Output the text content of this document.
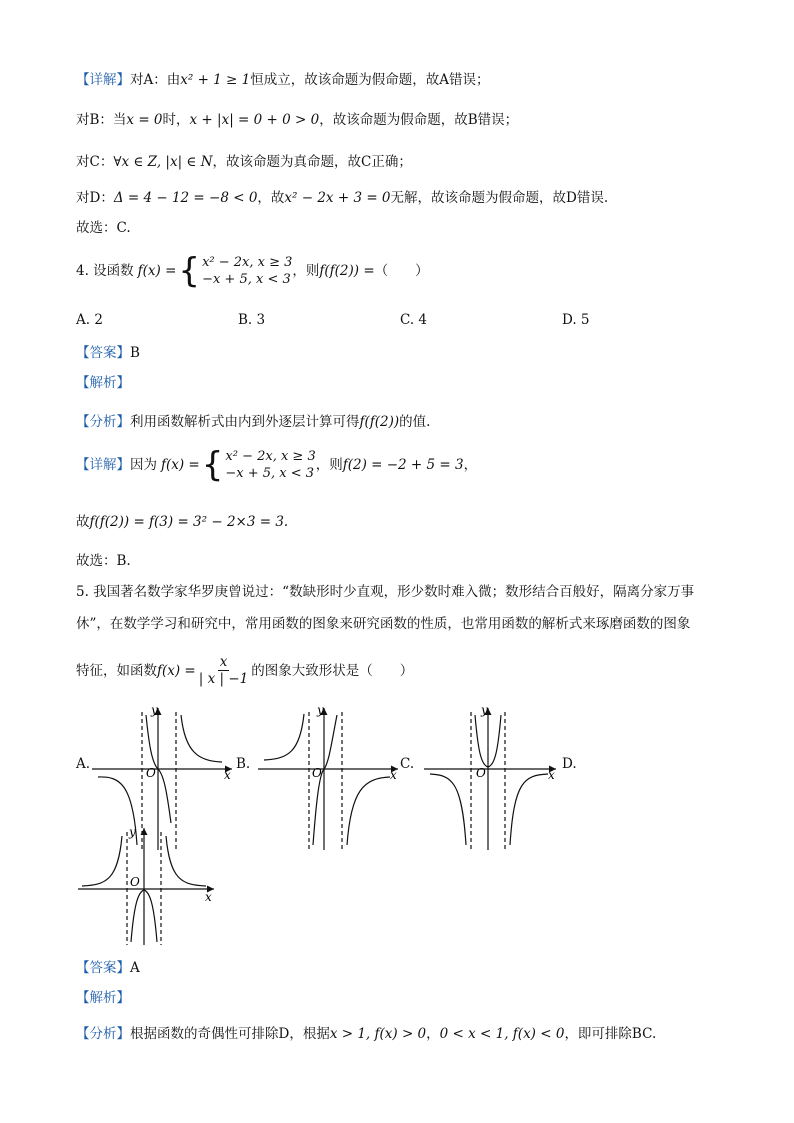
【详解】对A：由x² + 1 ≥ 1恒成立，故该命题为假命题，故A错误；
对B：当x = 0时，x + |x| = 0 + 0 > 0，故该命题为假命题，故B错误；
对C：∀x ∈ Z, |x| ∈ N，故该命题为真命题，故C正确；
对D：Δ = 4 − 12 = −8 < 0，故x² − 2x + 3 = 0无解，故该命题为假命题，故D错误.
故选：C.
4. 设函数 f(x) = { x² − 2x, x ≥ 3
−x + 5, x < 3
，则 f(f(2)) = （　　）
A. 2	B. 3	C. 4	D. 5
【答案】B
【解析】
【分析】利用函数解析式由内到外逐层计算可得f(f(2))的值.
【详解】 因为 f(x) = { x² − 2x, x ≥ 3
−x + 5, x < 3
，则 f(2) = −2 + 5 = 3 ，
故f(f(2)) = f(3) = 3² − 2×3 = 3.
故选：B.
5. 我国著名数学家华罗庚曾说过：“数缺形时少直观，形少数时难入微；数形结合百般好，隔离分家万事
休”，在数学学习和研究中，常用函数的图象来研究函数的性质，也常用函数的解析式来琢磨函数的图象
特征，如函数 $f(x) = \frac{x}{| x | -1}$ 的图象大致形状是（　　）
A.	B.	C.	D.
O	x
y
O	x
y
O	x
y
O
x
y
【答案】A
【解析】
【分析】根据函数的奇偶性可排除D，根据x > 1, f(x) > 0，0 < x < 1, f(x) < 0，即可排除BC.
